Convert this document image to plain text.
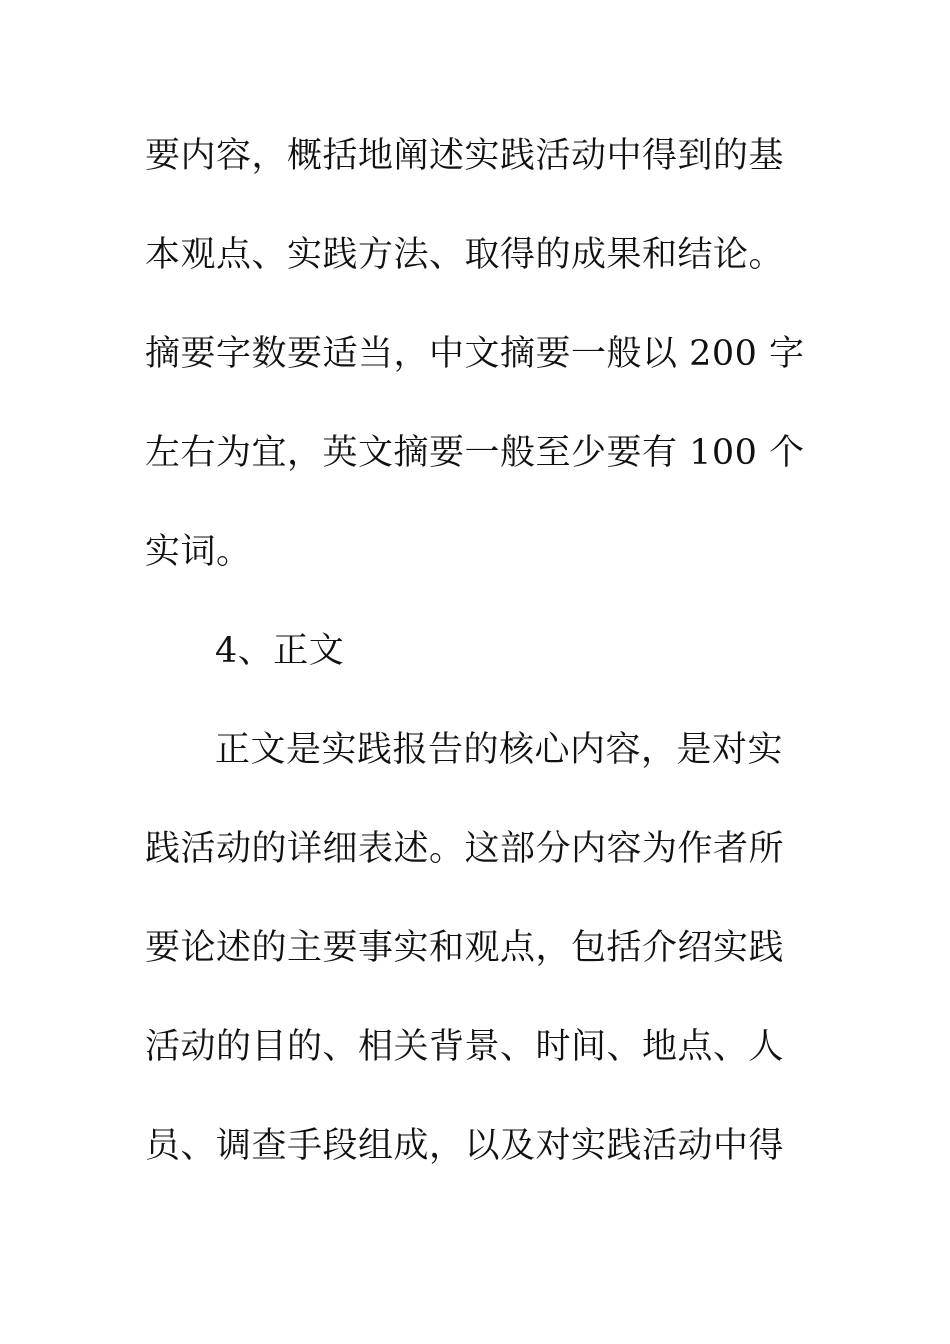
要内容，概括地阐述实践活动中得到的基
本观点、实践方法、取得的成果和结论。
摘要字数要适当，中文摘要一般以 200 字
左右为宜，英文摘要一般至少要有 100 个
实词。
4、正文
正文是实践报告的核心内容，是对实
践活动的详细表述。这部分内容为作者所
要论述的主要事实和观点，包括介绍实践
活动的目的、相关背景、时间、地点、人
员、调查手段组成，以及对实践活动中得
